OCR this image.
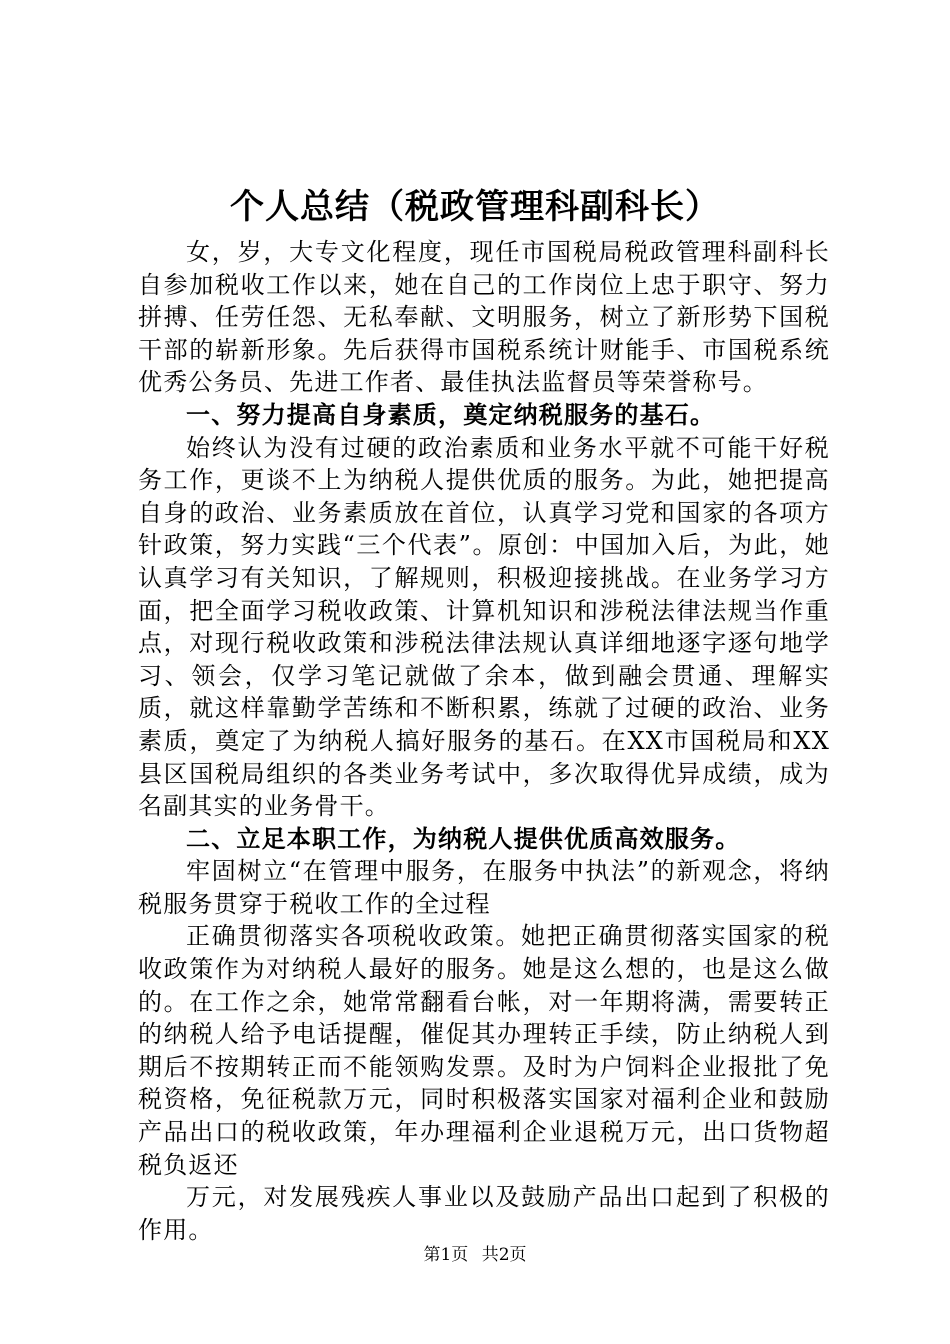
个人总结（税政管理科副科长）

女，岁，大专文化程度，现任市国税局税政管理科副科长自参加税收工作以来，她在自己的工作岗位上忠于职守、努力拼搏、任劳任怨、无私奉献、文明服务，树立了新形势下国税干部的崭新形象。先后获得市国税系统计财能手、市国税系统优秀公务员、先进工作者、最佳执法监督员等荣誉称号。

一、努力提高自身素质，奠定纳税服务的基石。

始终认为没有过硬的政治素质和业务水平就不可能干好税务工作，更谈不上为纳税人提供优质的服务。为此，她把提高自身的政治、业务素质放在首位，认真学习党和国家的各项方针政策，努力实践“三个代表”。原创：中国加入后，为此，她认真学习有关知识，了解规则，积极迎接挑战。在业务学习方面，把全面学习税收政策、计算机知识和涉税法律法规当作重点，对现行税收政策和涉税法律法规认真详细地逐字逐句地学习、领会，仅学习笔记就做了余本，做到融会贯通、理解实质，就这样靠勤学苦练和不断积累，练就了过硬的政治、业务素质，奠定了为纳税人搞好服务的基石。在XX市国税局和XX县区国税局组织的各类业务考试中，多次取得优异成绩，成为名副其实的业务骨干。

二、立足本职工作，为纳税人提供优质高效服务。

牢固树立“在管理中服务，在服务中执法”的新观念，将纳税服务贯穿于税收工作的全过程

正确贯彻落实各项税收政策。她把正确贯彻落实国家的税收政策作为对纳税人最好的服务。她是这么想的，也是这么做的。在工作之余，她常常翻看台帐，对一年期将满，需要转正的纳税人给予电话提醒，催促其办理转正手续，防止纳税人到期后不按期转正而不能领购发票。及时为户饲料企业报批了免税资格，免征税款万元，同时积极落实国家对福利企业和鼓励产品出口的税收政策，年办理福利企业退税万元，出口货物超税负返还

万元，对发展残疾人事业以及鼓励产品出口起到了积极的作用。

第1页 共2页
